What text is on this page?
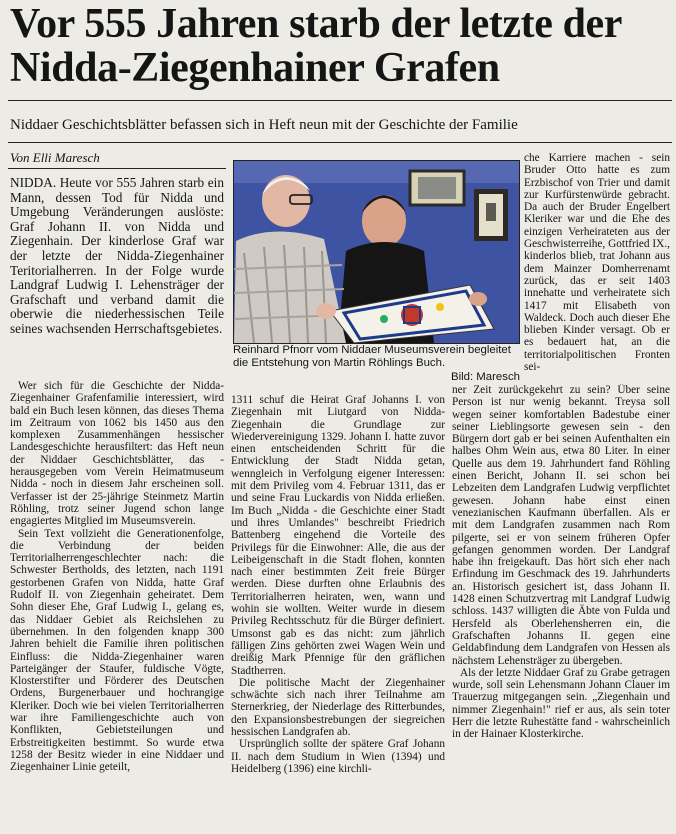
Vor 555 Jahren starb der letzte der Nidda-Ziegenhainer Grafen

Niddaer Geschichtsblätter befassen sich in Heft neun mit der Geschichte der Familie

Von Elli Maresch

NIDDA. Heute vor 555 Jahren starb ein Mann, dessen Tod für Nidda und Umgebung Veränderungen auslöste: Graf Johann II. von Nidda und Ziegenhain. Der kinderlose Graf war der letzte der Nidda-Ziegenhainer Teritorialherren. In der Folge wurde Landgraf Ludwig I. Lehensträger der Grafschaft und verband damit die oberwie die niederhessischen Teile seines wachsenden Herrschaftsgebietes.

Reinhard Pfnorr vom Niddaer Museumsverein begleitet die Entstehung von Martin Röhlings Buch.
Bild: Maresch

Wer sich für die Geschichte der Nidda-Ziegenhainer Grafenfamilie interessiert, wird bald ein Buch lesen können, das dieses Thema im Zeitraum von 1062 bis 1450 aus den komplexen Zusammenhängen hessischer Landesgeschichte herausfiltert: das Heft neun der Niddaer Geschichtsblätter, das - herausgegeben vom Verein Heimatmuseum Nidda - noch in diesem Jahr erscheinen soll. Verfasser ist der 25-jährige Steinmetz Martin Röhling, trotz seiner Jugend schon lange engagiertes Mitglied im Museumsverein.

Sein Text vollzieht die Generationenfolge, die Verbindung der beiden Territorialherrengeschlechter nach: die Schwester Bertholds, des letzten, nach 1191 gestorbenen Grafen von Nidda, hatte Graf Rudolf II. von Ziegenhain geheiratet. Dem Sohn dieser Ehe, Graf Ludwig I., gelang es, das Niddaer Gebiet als Reichslehen zu übernehmen. In den folgenden knapp 300 Jahren behielt die Familie ihren politischen Einfluss: die Nidda-Ziegenhainer waren Parteigänger der Staufer, fuldische Vögte, Klosterstifter und Förderer des Deutschen Ordens, Burgenerbauer und hochrangige Kleriker. Doch wie bei vielen Territorialherren war ihre Familiengeschichte auch von Konflikten, Gebietsteilungen und Erbstreitigkeiten bestimmt. So wurde etwa 1258 der Besitz wieder in eine Niddaer und Ziegenhainer Linie geteilt,

1311 schuf die Heirat Graf Johanns I. von Ziegenhain mit Liutgard von Nidda-Ziegenhain die Grundlage zur Wiedervereinigung 1329. Johann I. hatte zuvor einen entscheidenden Schritt für die Entwicklung der Stadt Nidda getan, wenngleich in Verfolgung eigener Interessen: mit dem Privileg vom 4. Februar 1311, das er und seine Frau Luckardis von Nidda erließen. Im Buch „Nidda - die Geschichte einer Stadt und ihres Umlandes" beschreibt Friedrich Battenberg eingehend die Vorteile des Privilegs für die Einwohner: Alle, die aus der Leibeigenschaft in die Stadt flohen, konnten nach einer bestimmten Zeit freie Bürger werden. Diese durften ohne Erlaubnis des Territorialherren heiraten, wen, wann und wohin sie wollten. Weiter wurde in diesem Privileg Rechtsschutz für die Bürger definiert. Umsonst gab es das nicht: zum jährlich fälligen Zins gehörten zwei Wagen Wein und dreißig Mark Pfennige für den gräflichen Stadtherren.

Die politische Macht der Ziegenhainer schwächte sich nach ihrer Teilnahme am Sternerkrieg, der Niederlage des Ritterbundes, den Expansionsbestrebungen der siegreichen hessischen Landgrafen ab.

Ursprünglich sollte der spätere Graf Johann II. nach dem Studium in Wien (1394) und Heidelberg (1396) eine kirchli-

che Karriere machen - sein Bruder Otto hatte es zum Erzbischof von Trier und damit zur Kurfürstenwürde gebracht. Da auch der Bruder Engelbert Kleriker war und die Ehe des einzigen Verheirateten aus der Geschwisterreihe, Gottfried IX., kinderlos blieb, trat Johann aus dem Mainzer Domherrenamt zurück, das er seit 1403 innehatte und verheiratete sich 1417 mit Elisabeth von Waldeck. Doch auch dieser Ehe blieben Kinder versagt. Ob er es bedauert hat, an die territorialpolitischen Fronten sei-

ner Zeit zurückgekehrt zu sein? Über seine Person ist nur wenig bekannt. Treysa soll wegen seiner komfortablen Badestube einer seiner Lieblingsorte gewesen sein - den Bürgern dort gab er bei seinen Aufenthalten ein halbes Ohm Wein aus, etwa 80 Liter. In einer Quelle aus dem 19. Jahrhundert fand Röhling einen Bericht, Johann II. sei schon bei Lebzeiten dem Landgrafen Ludwig verpflichtet gewesen. Johann habe einst einen venezianischen Kaufmann überfallen. Als er mit dem Landgrafen zusammen nach Rom pilgerte, sei er von seinem früheren Opfer gefangen genommen worden. Der Landgraf habe ihn freigekauft. Das hört sich eher nach Erfindung im Geschmack des 19. Jahrhunderts an. Historisch gesichert ist, dass Johann II. 1428 einen Schutzvertrag mit Landgraf Ludwig schloss. 1437 willigten die Äbte von Fulda und Hersfeld als Oberlehensherren ein, die Grafschaften Johanns II. gegen eine Geldabfindung dem Landgrafen von Hessen als nächstem Lehensträger zu übergeben.

Als der letzte Niddaer Graf zu Grabe getragen wurde, soll sein Lehensmann Johann Clauer im Trauerzug mitgegangen sein. „Ziegenhain und nimmer Ziegenhain!" rief er aus, als sein toter Herr die letzte Ruhestätte fand - wahrscheinlich in der Hainaer Klosterkirche.
